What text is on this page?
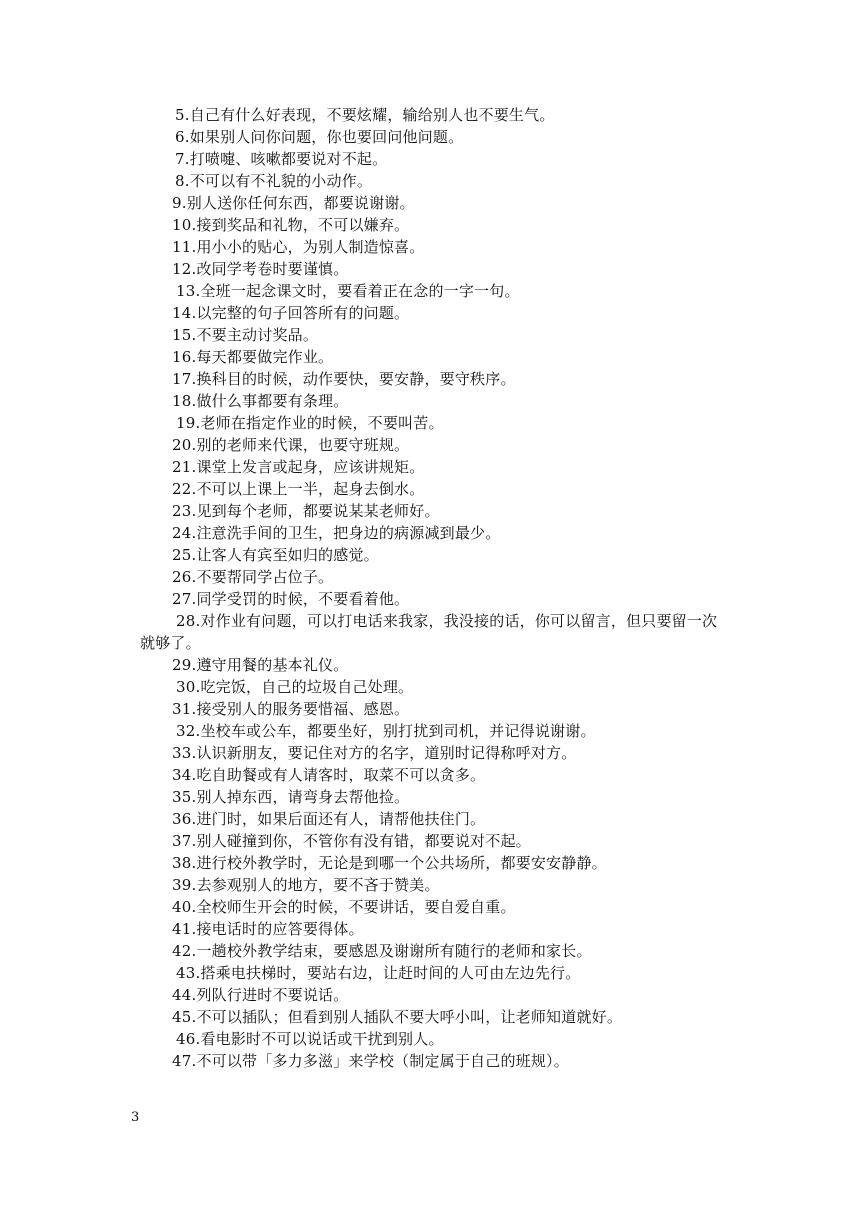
5.自己有什么好表现，不要炫耀，输给别人也不要生气。
6.如果别人问你问题，你也要回问他问题。
7.打喷嚏、咳嗽都要说对不起。
8.不可以有不礼貌的小动作。
9.别人送你任何东西，都要说谢谢。
10.接到奖品和礼物，不可以嫌弃。
11.用小小的贴心，为别人制造惊喜。
12.改同学考卷时要谨慎。
13.全班一起念课文时，要看着正在念的一字一句。
14.以完整的句子回答所有的问题。
15.不要主动讨奖品。
16.每天都要做完作业。
17.换科目的时候，动作要快，要安静，要守秩序。
18.做什么事都要有条理。
19.老师在指定作业的时候，不要叫苦。
20.别的老师来代课，也要守班规。
21.课堂上发言或起身，应该讲规矩。
22.不可以上课上一半，起身去倒水。
23.见到每个老师，都要说某某老师好。
24.注意洗手间的卫生，把身边的病源减到最少。
25.让客人有宾至如归的感觉。
26.不要帮同学占位子。
27.同学受罚的时候，不要看着他。
28.对作业有问题，可以打电话来我家，我没接的话，你可以留言，但只要留一次就够了。
29.遵守用餐的基本礼仪。
30.吃完饭，自己的垃圾自己处理。
31.接受别人的服务要惜福、感恩。
32.坐校车或公车，都要坐好，别打扰到司机，并记得说谢谢。
33.认识新朋友，要记住对方的名字，道别时记得称呼对方。
34.吃自助餐或有人请客时，取菜不可以贪多。
35.别人掉东西，请弯身去帮他捡。
36.进门时，如果后面还有人，请帮他扶住门。
37.别人碰撞到你，不管你有没有错，都要说对不起。
38.进行校外教学时，无论是到哪一个公共场所，都要安安静静。
39.去参观别人的地方，要不吝于赞美。
40.全校师生开会的时候，不要讲话，要自爱自重。
41.接电话时的应答要得体。
42.一趟校外教学结束，要感恩及谢谢所有随行的老师和家长。
43.搭乘电扶梯时，要站右边，让赶时间的人可由左边先行。
44.列队行进时不要说话。
45.不可以插队；但看到别人插队不要大呼小叫，让老师知道就好。
46.看电影时不可以说话或干扰到别人。
47.不可以带「多力多滋」来学校（制定属于自己的班规）。
3
